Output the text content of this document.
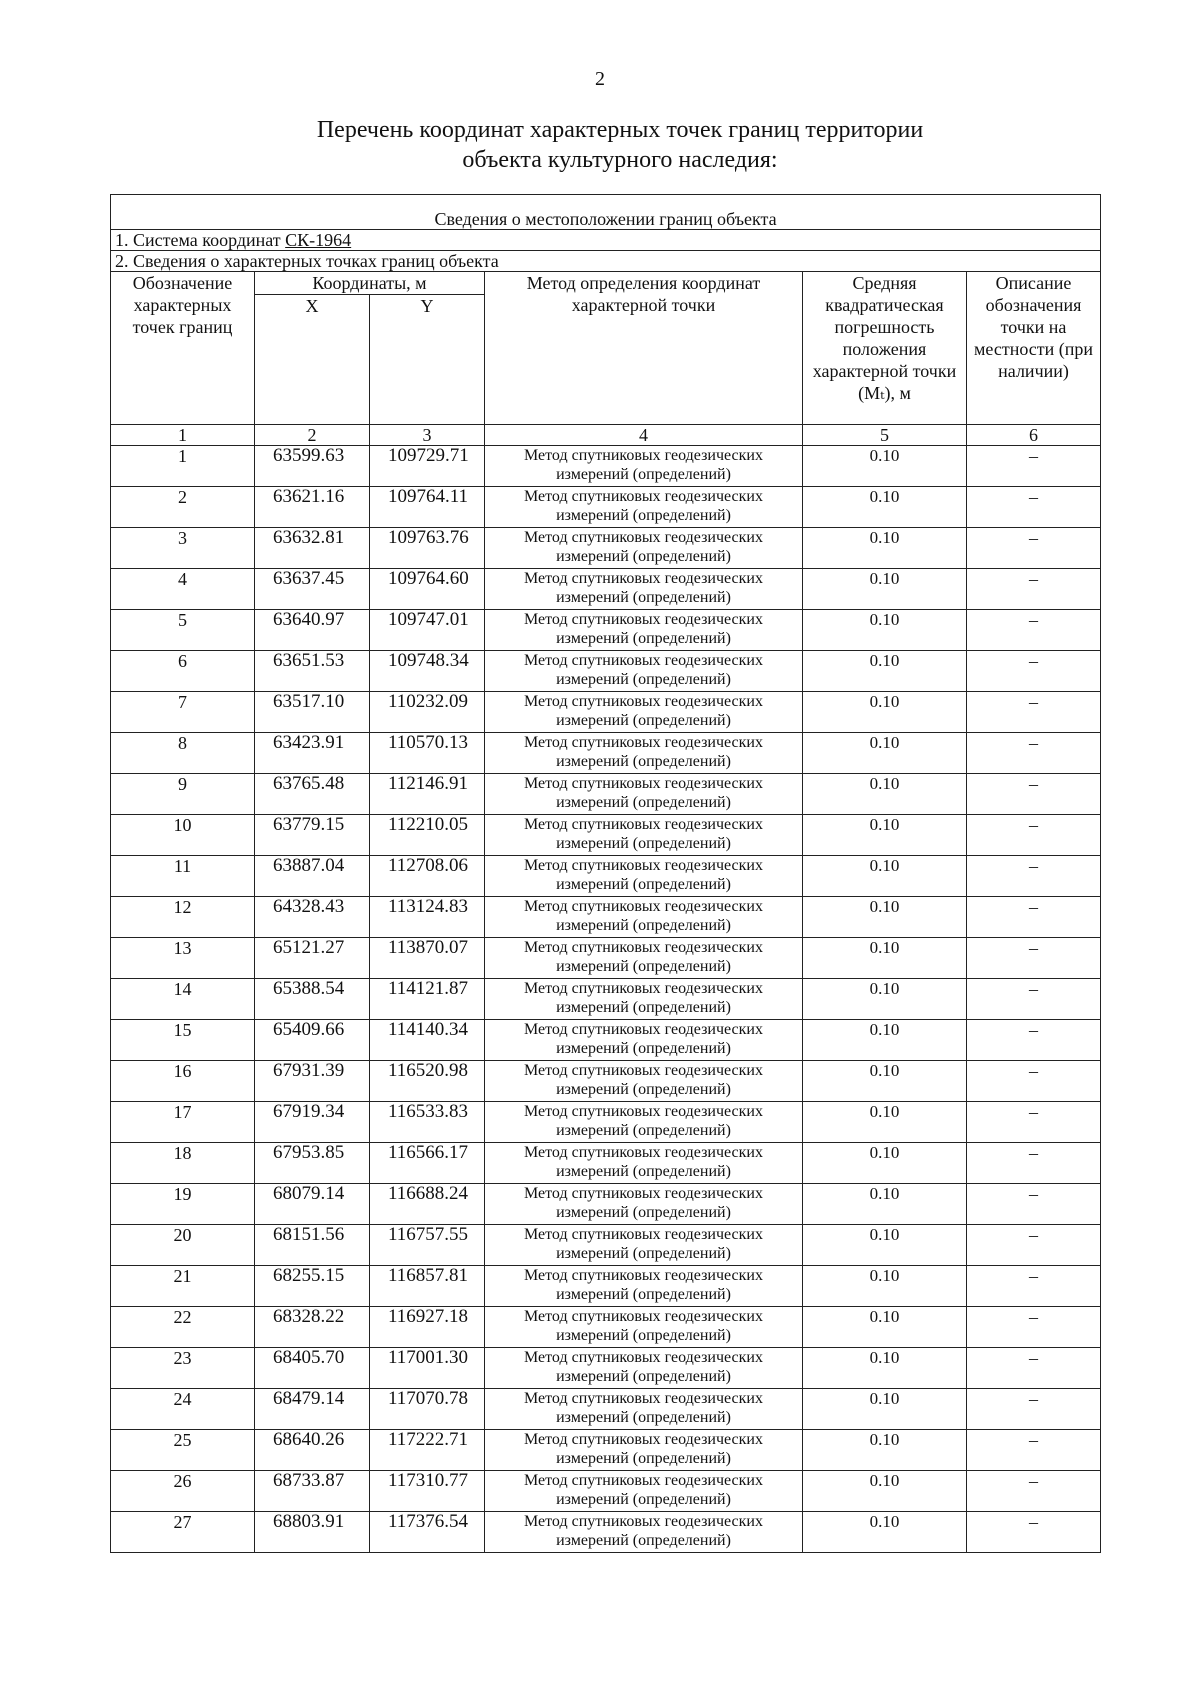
2
Перечень координат характерных точек границ территории
объекта культурного наследия:
Сведения о местоположении границ объекта					
1. Система координат СК-1964					
2. Сведения о характерных точках границ объекта					
Обозначение характерных точек границ	Координаты, м		Метод определения координат характерной точки	Средняя квадратическая погрешность положения характерной точки (Mₜ), м	Описание обозначения точки на местности (при наличии)
	X	Y			
1	2	3	4	5	6
1	63599.63	109729.71	Метод спутниковых геодезических
измерений (определений)	0.10	–
2	63621.16	109764.11	Метод спутниковых геодезических
измерений (определений)	0.10	–
3	63632.81	109763.76	Метод спутниковых геодезических
измерений (определений)	0.10	–
4	63637.45	109764.60	Метод спутниковых геодезических
измерений (определений)	0.10	–
5	63640.97	109747.01	Метод спутниковых геодезических
измерений (определений)	0.10	–
6	63651.53	109748.34	Метод спутниковых геодезических
измерений (определений)	0.10	–
7	63517.10	110232.09	Метод спутниковых геодезических
измерений (определений)	0.10	–
8	63423.91	110570.13	Метод спутниковых геодезических
измерений (определений)	0.10	–
9	63765.48	112146.91	Метод спутниковых геодезических
измерений (определений)	0.10	–
10	63779.15	112210.05	Метод спутниковых геодезических
измерений (определений)	0.10	–
11	63887.04	112708.06	Метод спутниковых геодезических
измерений (определений)	0.10	–
12	64328.43	113124.83	Метод спутниковых геодезических
измерений (определений)	0.10	–
13	65121.27	113870.07	Метод спутниковых геодезических
измерений (определений)	0.10	–
14	65388.54	114121.87	Метод спутниковых геодезических
измерений (определений)	0.10	–
15	65409.66	114140.34	Метод спутниковых геодезических
измерений (определений)	0.10	–
16	67931.39	116520.98	Метод спутниковых геодезических
измерений (определений)	0.10	–
17	67919.34	116533.83	Метод спутниковых геодезических
измерений (определений)	0.10	–
18	67953.85	116566.17	Метод спутниковых геодезических
измерений (определений)	0.10	–
19	68079.14	116688.24	Метод спутниковых геодезических
измерений (определений)	0.10	–
20	68151.56	116757.55	Метод спутниковых геодезических
измерений (определений)	0.10	–
21	68255.15	116857.81	Метод спутниковых геодезических
измерений (определений)	0.10	–
22	68328.22	116927.18	Метод спутниковых геодезических
измерений (определений)	0.10	–
23	68405.70	117001.30	Метод спутниковых геодезических
измерений (определений)	0.10	–
24	68479.14	117070.78	Метод спутниковых геодезических
измерений (определений)	0.10	–
25	68640.26	117222.71	Метод спутниковых геодезических
измерений (определений)	0.10	–
26	68733.87	117310.77	Метод спутниковых геодезических
измерений (определений)	0.10	–
27	68803.91	117376.54	Метод спутниковых геодезических
измерений (определений)	0.10	–
